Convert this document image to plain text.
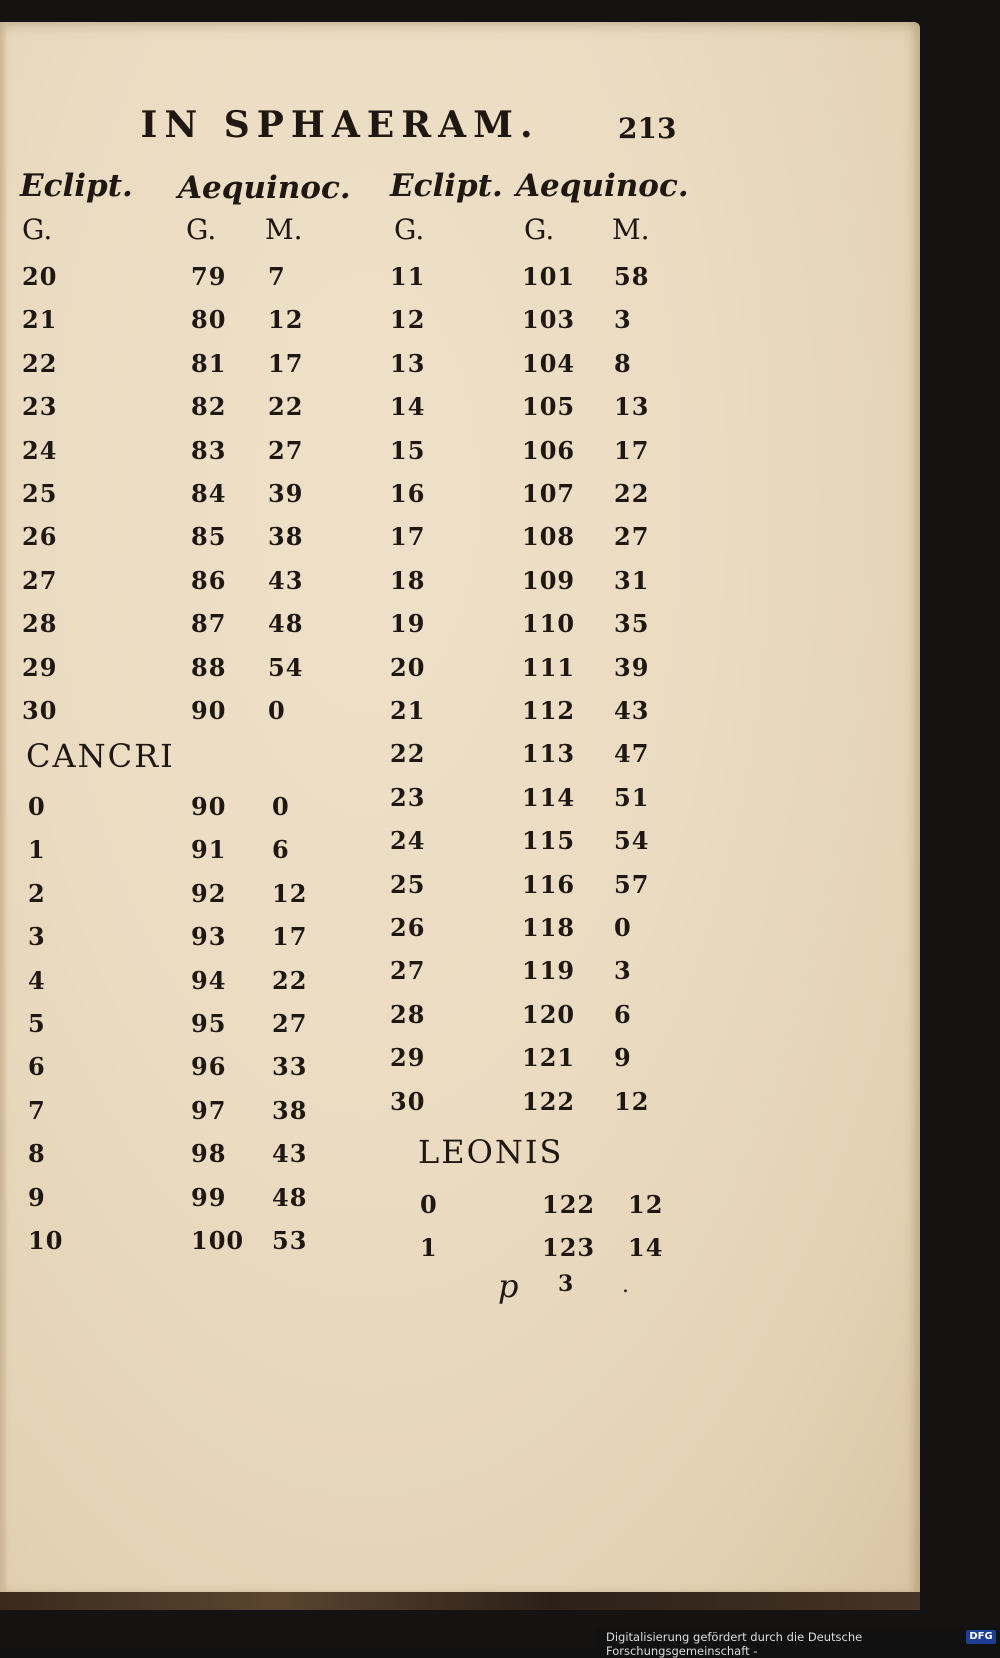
IN SPHAERAM.	213
Eclipt. Aequinoc. Eclipt. Aequinoc.
G.	G. M.	G.	G. M.
CANCRI
LEONIS
20	79 7
21	80 12
22	81 17
23	82 22
24	83 27
25	84 39
26	85 38
27	86 43
28	87 48
29	88 54
30	90 0
0	90 0
1	91 6
2	92 12
3	93 17
4	94 22
5	95 27
6	96 33
7	97 38
8	98 43
9	99 48
10	100 53
11	101 58
12	103 3
13	104 8
14	105 13
15	106 17
16	107 22
17	108 27
18	109 31
19	110 35
20	111 39
21	112 43
22	113 47
23	114 51
24	115 54
25	116 57
26	118 0
27	119 3
28	120 6
29	121 9
30	122 12
0	122 12
1	123 14
p 3 .
Digitalisierung gefördert durch die Deutsche Forschungsgemeinschaft -
DFG
